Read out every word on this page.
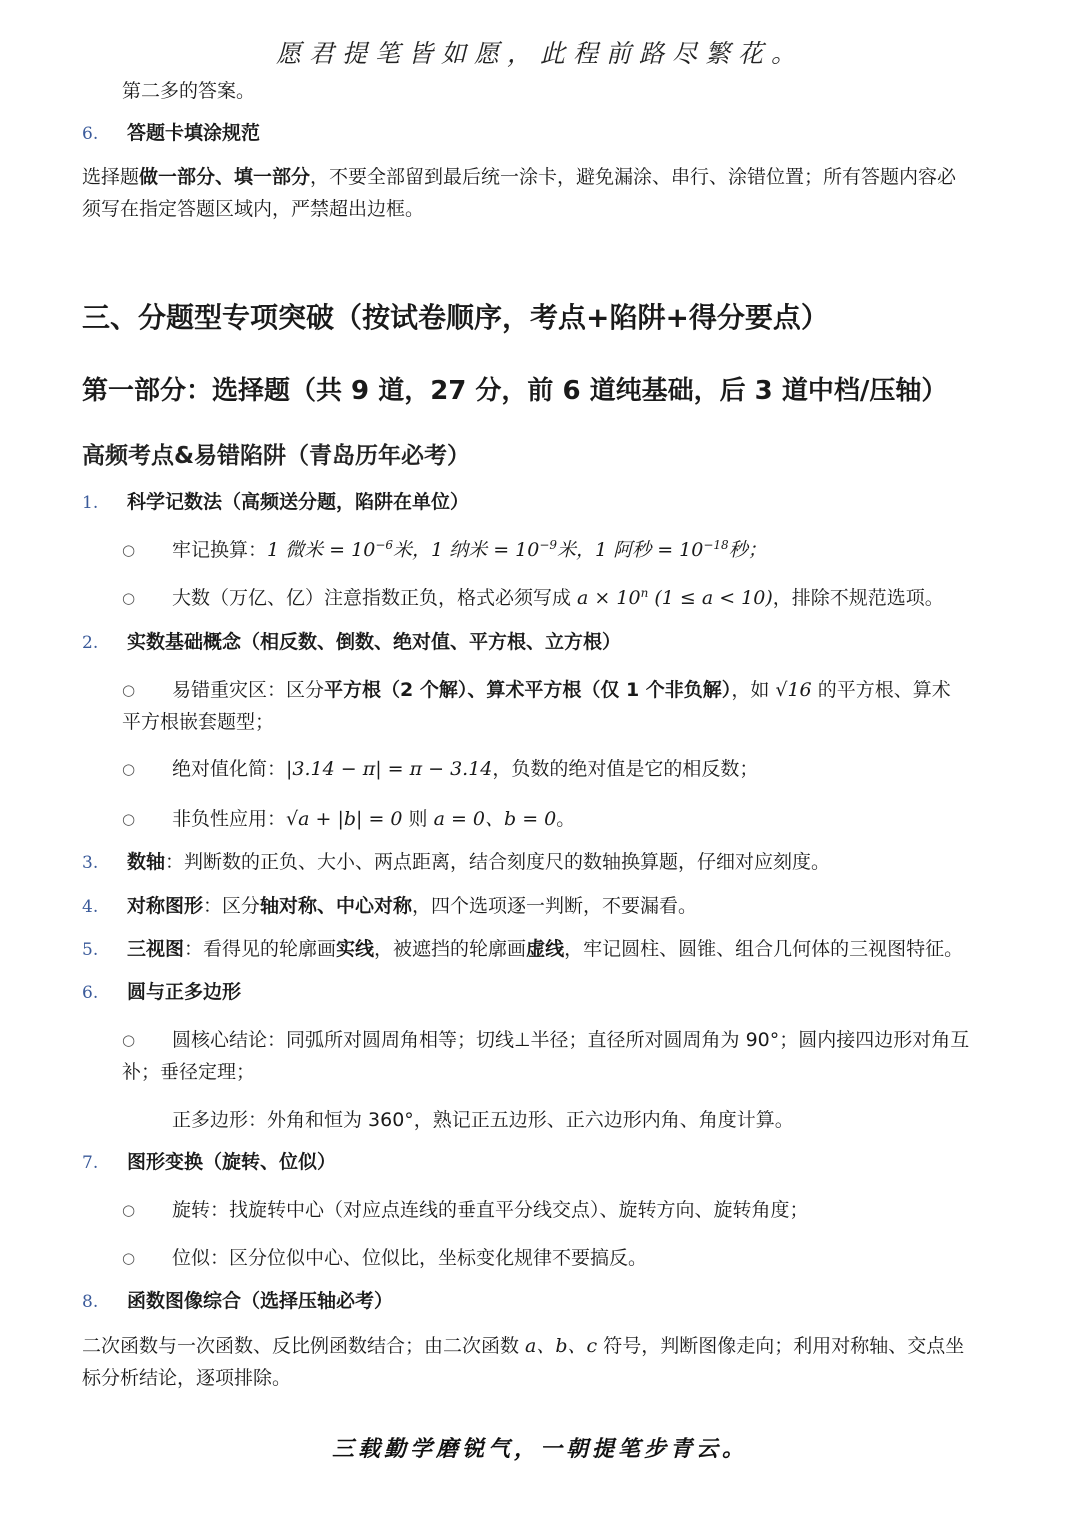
愿君提笔皆如愿，此程前路尽繁花。
第二多的答案。
6. 答题卡填涂规范
选择题做一部分、填一部分，不要全部留到最后统一涂卡，避免漏涂、串行、涂错位置；所有答题内容必
须写在指定答题区域内，严禁超出边框。
三、分题型专项突破（按试卷顺序，考点+陷阱+得分要点）
第一部分：选择题（共 9 道，27 分，前 6 道纯基础，后 3 道中档/压轴）
高频考点&易错陷阱（青岛历年必考）
1. 科学记数法（高频送分题，陷阱在单位）
○ 牢记换算：1 微米 = $10^{-6}$米，1 纳米 = $10^{-9}$米，1 阿秒 = $10^{-18}$秒；
○ 大数（万亿、亿）注意指数正负，格式必须写成 $a \times 10^n$ (1 ≤ a < 10)，排除不规范选项。
2. 实数基础概念（相反数、倒数、绝对值、平方根、立方根）
○ 易错重灾区：区分平方根（2 个解）、算术平方根（仅 1 个非负解），如 √16 的平方根、算术
平方根嵌套题型；
○ 绝对值化简：|3.14 − π| = π − 3.14，负数的绝对值是它的相反数；
○ 非负性应用：√a + |b| = 0 则 a = 0、b = 0。
3. 数轴：判断数的正负、大小、两点距离，结合刻度尺的数轴换算题，仔细对应刻度。
4. 对称图形：区分轴对称、中心对称，四个选项逐一判断，不要漏看。
5. 三视图：看得见的轮廓画实线，被遮挡的轮廓画虚线，牢记圆柱、圆锥、组合几何体的三视图特征。
6. 圆与正多边形
○ 圆核心结论：同弧所对圆周角相等；切线⊥半径；直径所对圆周角为 90°；圆内接四边形对角互
补；垂径定理；
正多边形：外角和恒为 360°，熟记正五边形、正六边形内角、角度计算。
7. 图形变换（旋转、位似）
○ 旋转：找旋转中心（对应点连线的垂直平分线交点）、旋转方向、旋转角度；
○ 位似：区分位似中心、位似比，坐标变化规律不要搞反。
8. 函数图像综合（选择压轴必考）
二次函数与一次函数、反比例函数结合；由二次函数 a、b、c 符号，判断图像走向；利用对称轴、交点坐
标分析结论，逐项排除。
三载勤学磨锐气，一朝提笔步青云。
